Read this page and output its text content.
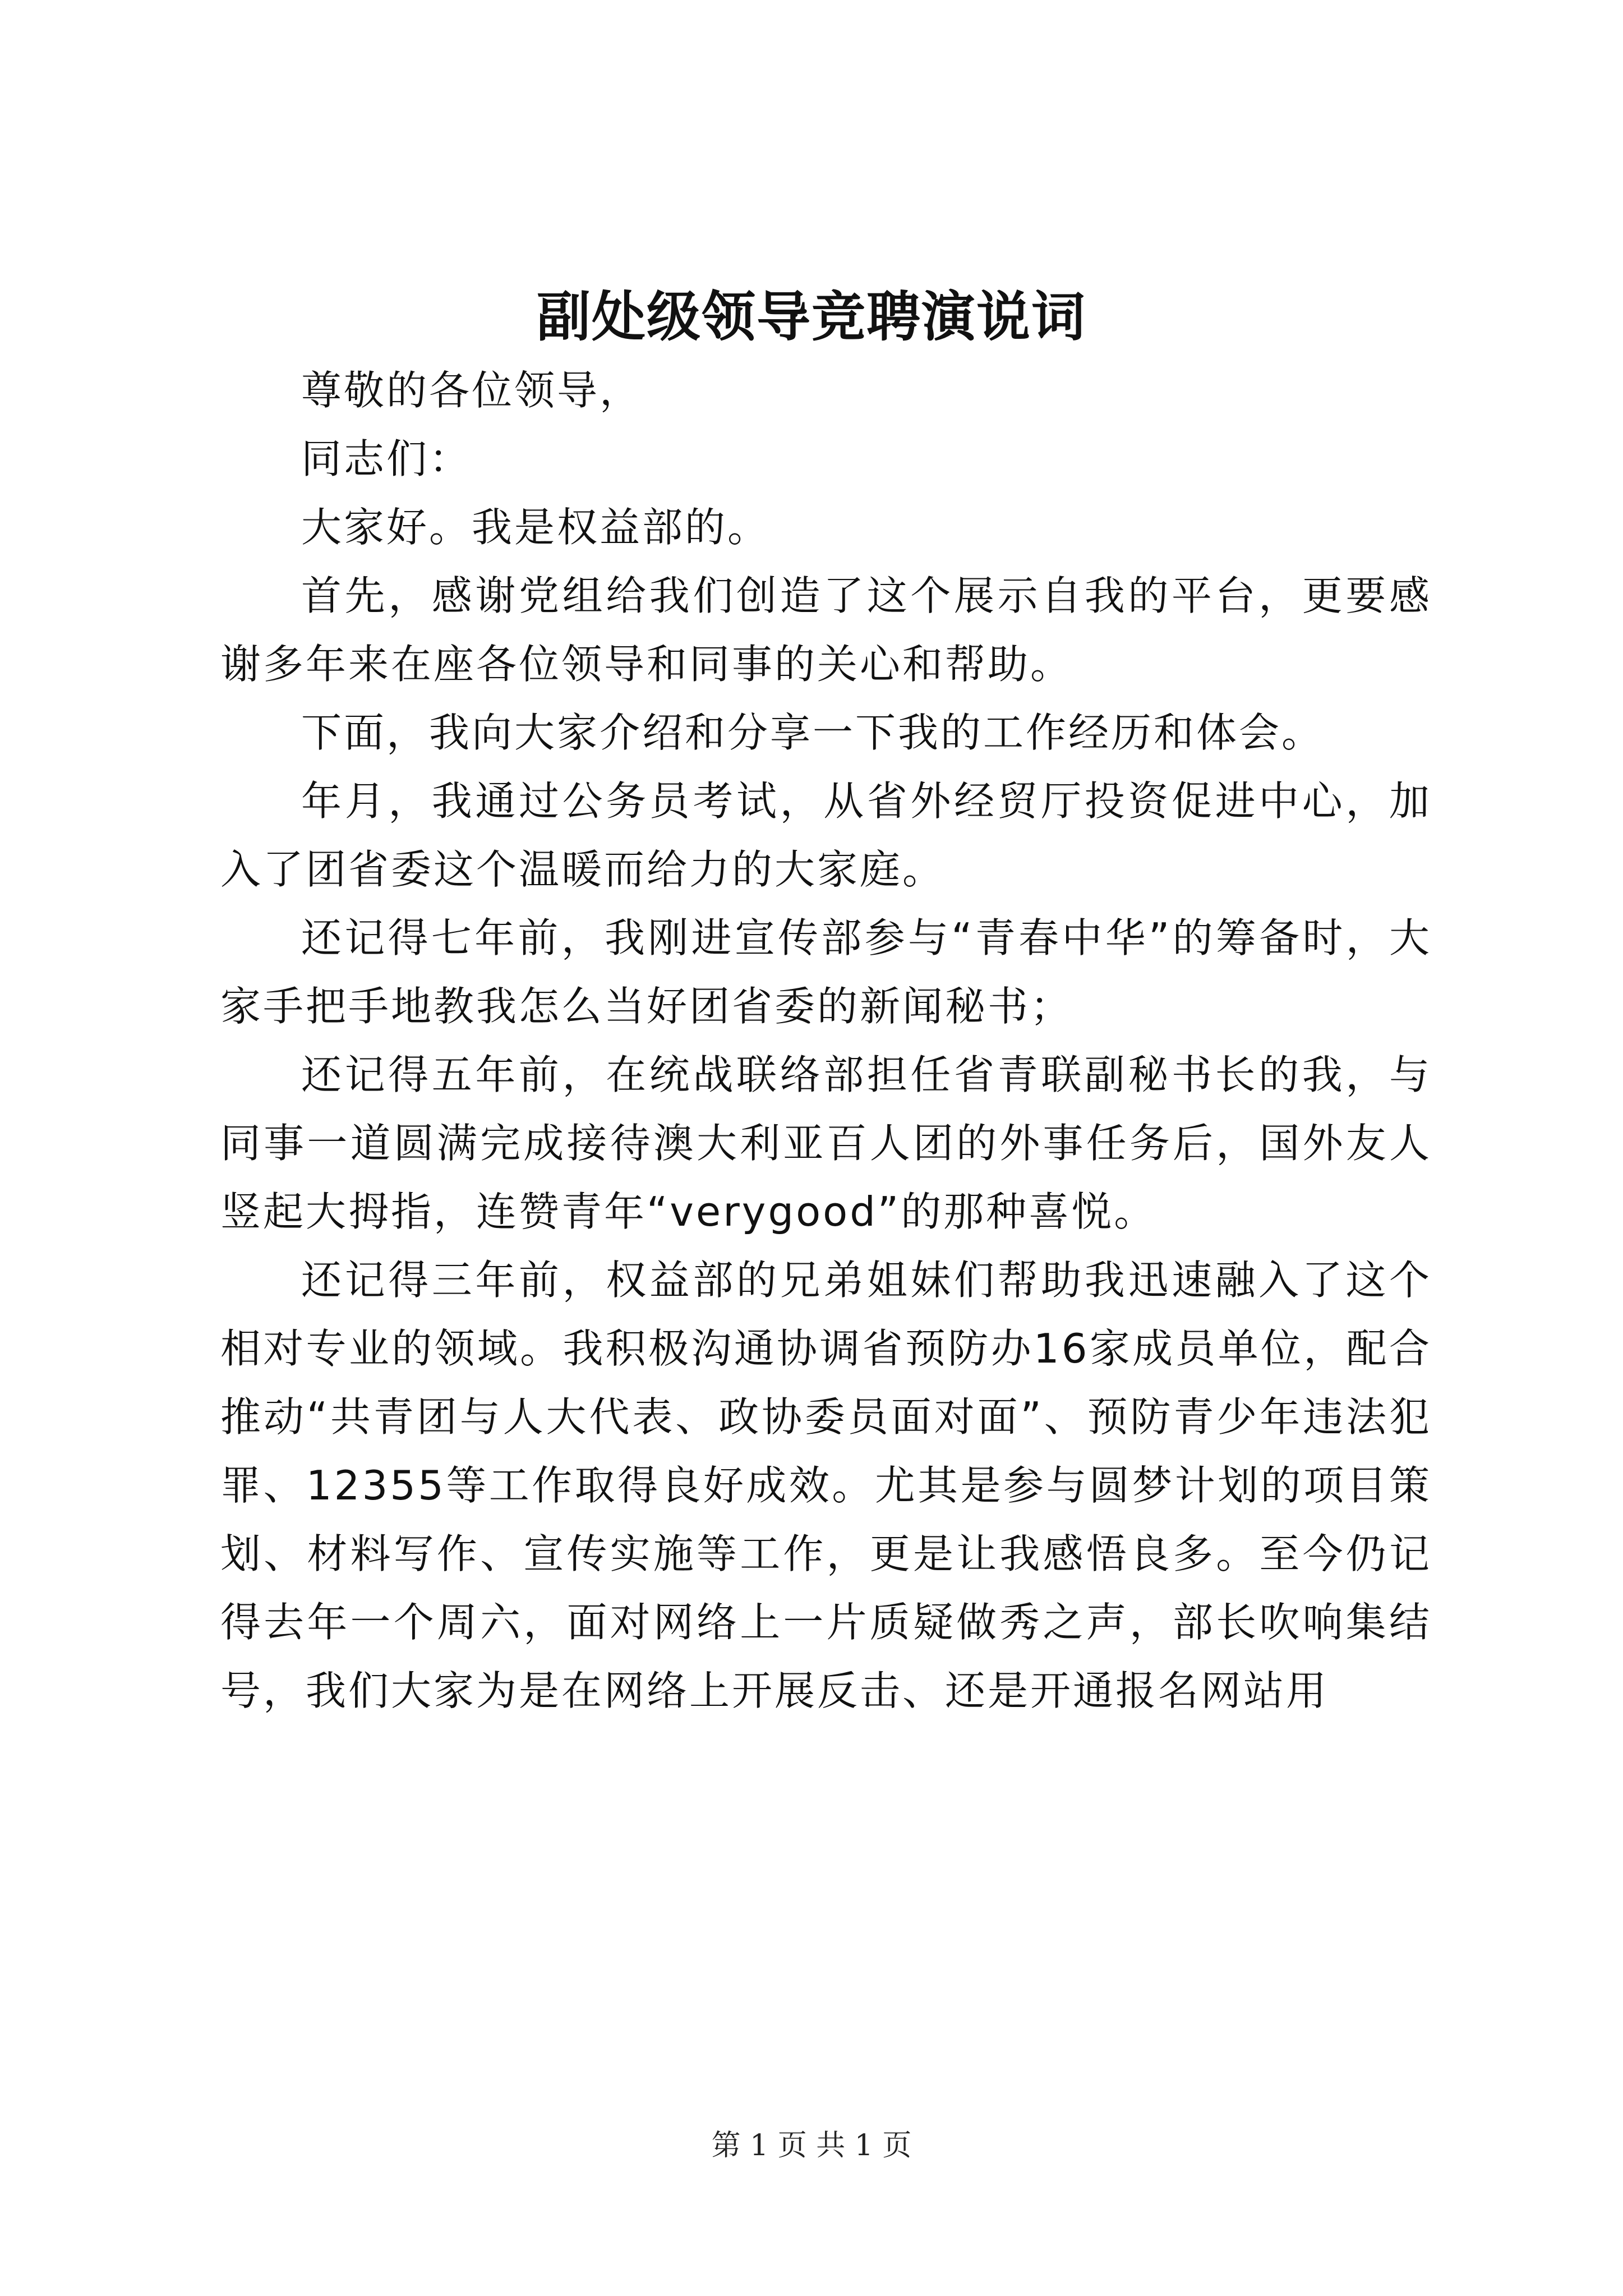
副处级领导竞聘演说词

尊敬的各位领导，

同志们：

大家好。我是权益部的。

首先，感谢党组给我们创造了这个展示自我的平台，更要感谢多年来在座各位领导和同事的关心和帮助。

下面，我向大家介绍和分享一下我的工作经历和体会。

年月，我通过公务员考试，从省外经贸厅投资促进中心，加入了团省委这个温暖而给力的大家庭。

还记得七年前，我刚进宣传部参与“青春中华”的筹备时，大家手把手地教我怎么当好团省委的新闻秘书；

还记得五年前，在统战联络部担任省青联副秘书长的我，与同事一道圆满完成接待澳大利亚百人团的外事任务后，国外友人竖起大拇指，连赞青年“verygood”的那种喜悦。

还记得三年前，权益部的兄弟姐妹们帮助我迅速融入了这个相对专业的领域。我积极沟通协调省预防办16家成员单位，配合推动“共青团与人大代表、政协委员面对面”、预防青少年违法犯罪、12355等工作取得良好成效。尤其是参与圆梦计划的项目策划、材料写作、宣传实施等工作，更是让我感悟良多。至今仍记得去年一个周六，面对网络上一片质疑做秀之声，部长吹响集结号，我们大家为是在网络上开展反击、还是开通报名网站用

第 1 页 共 1 页
